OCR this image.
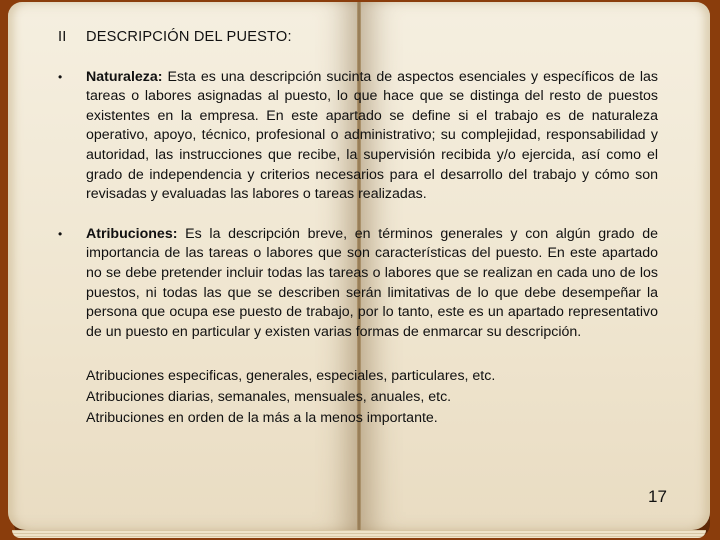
II	DESCRIPCIÓN DEL PUESTO:
•	Naturaleza: Esta es una descripción sucinta de aspectos esenciales y específicos de las tareas o labores asignadas al puesto, lo que hace que se distinga del resto de puestos existentes en la empresa. En este apartado se define si el trabajo es de naturaleza operativo, apoyo, técnico, profesional o administrativo; su complejidad, responsabilidad y autoridad, las instrucciones que recibe, la supervisión recibida y/o ejercida, así como el grado de independencia y criterios necesarios para el desarrollo del trabajo y cómo son revisadas y evaluadas las labores o tareas realizadas.
•	Atribuciones: Es la descripción breve, en términos generales y con algún grado de importancia de las tareas o labores que son características del puesto. En este apartado no se debe pretender incluir todas las tareas o labores que se realizan en cada uno de los puestos, ni todas las que se describen serán limitativas de lo que debe desempeñar la persona que ocupa ese puesto de trabajo, por lo tanto, este es un apartado representativo de un puesto en particular y existen varias formas de enmarcar su descripción.
Atribuciones especificas, generales, especiales, particulares, etc.
Atribuciones diarias, semanales, mensuales, anuales, etc.
Atribuciones en orden de la más a la menos importante.
17
